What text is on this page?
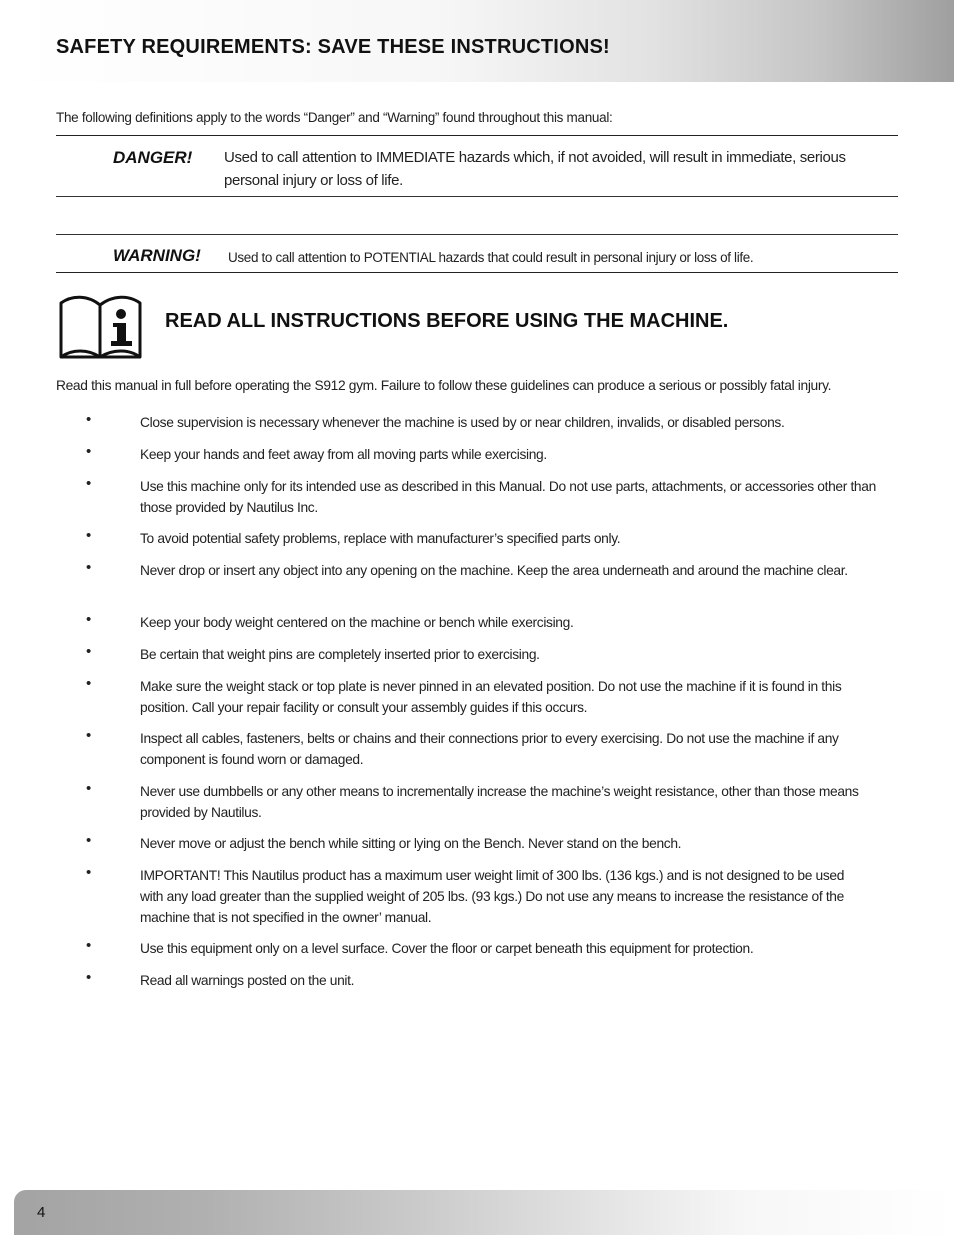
SAFETY REQUIREMENTS: SAVE THESE INSTRUCTIONS!

The following definitions apply to the words “Danger” and “Warning” found throughout this manual:

DANGER! Used to call attention to IMMEDIATE hazards which, if not avoided, will result in immediate, serious personal injury or loss of life.
WARNING! Used to call attention to POTENTIAL hazards that could result in personal injury or loss of life.
READ ALL INSTRUCTIONS BEFORE USING THE MACHINE.

Read this manual in full before operating the S912 gym. Failure to follow these guidelines can produce a serious or possibly fatal injury.

•	Close supervision is necessary whenever the machine is used by or near children, invalids, or disabled persons.
•	Keep your hands and feet away from all moving parts while exercising.
•	Use this machine only for its intended use as described in this Manual. Do not use parts, attachments, or accessories other than those provided by Nautilus Inc.
•	To avoid potential safety problems, replace with manufacturer’s specified parts only.
•	Never drop or insert any object into any opening on the machine. Keep the area underneath and around the machine clear.
•	Keep your body weight centered on the machine or bench while exercising.
•	Be certain that weight pins are completely inserted prior to exercising.
•	Make sure the weight stack or top plate is never pinned in an elevated position. Do not use the machine if it is found in this position. Call your repair facility or consult your assembly guides if this occurs.
•	Inspect all cables, fasteners, belts or chains and their connections prior to every exercising. Do not use the machine if any component is found worn or damaged.
•	Never use dumbbells or any other means to incrementally increase the machine’s weight resistance, other than those means provided by Nautilus.
•	Never move or adjust the bench while sitting or lying on the Bench. Never stand on the bench.
•	IMPORTANT! This Nautilus product has a maximum user weight limit of 300 lbs. (136 kgs.) and is not designed to be used with any load greater than the supplied weight of 205 lbs. (93 kgs.) Do not use any means to increase the resistance of the machine that is not specified in the owner’ manual.
•	Use this equipment only on a level surface. Cover the floor or carpet beneath this equipment for protection.
•	Read all warnings posted on the unit.
4
